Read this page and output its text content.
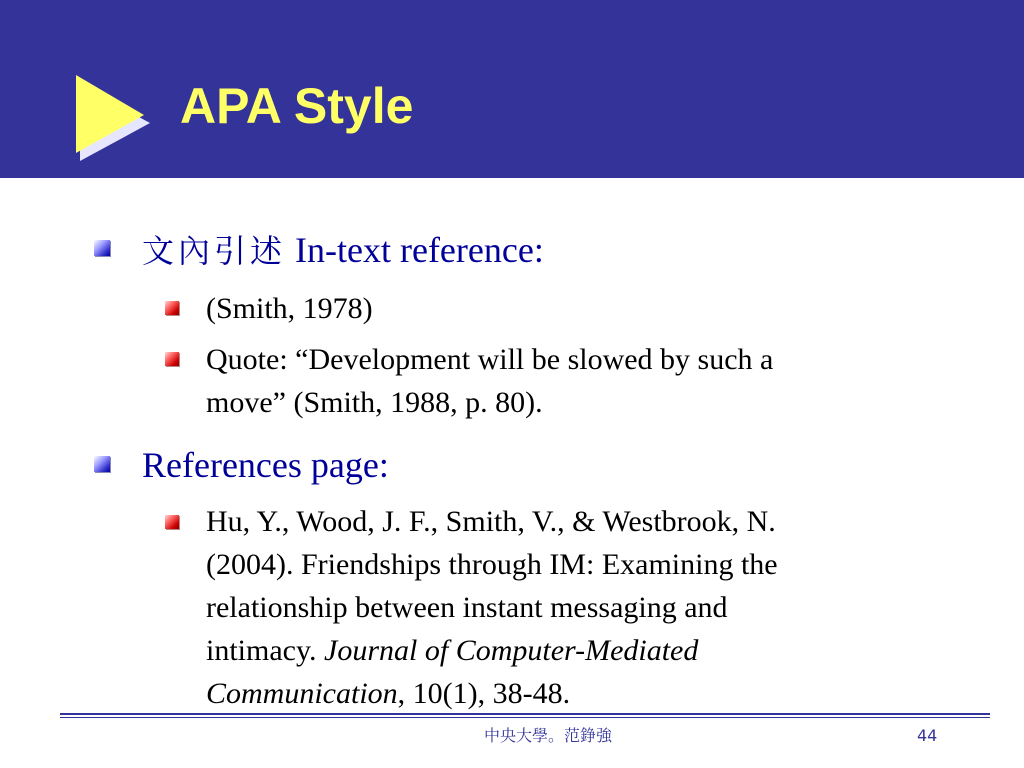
APA Style
文內引述 In-text reference:
(Smith, 1978)
Quote: “Development will be slowed by such a
move” (Smith, 1988, p. 80).
References page:
Hu, Y., Wood, J. F., Smith, V., & Westbrook, N.
(2004). Friendships through IM: Examining the
relationship between instant messaging and
intimacy. Journal of Computer-Mediated
Communication, 10(1), 38-48.
中央大學。范錚強	44
